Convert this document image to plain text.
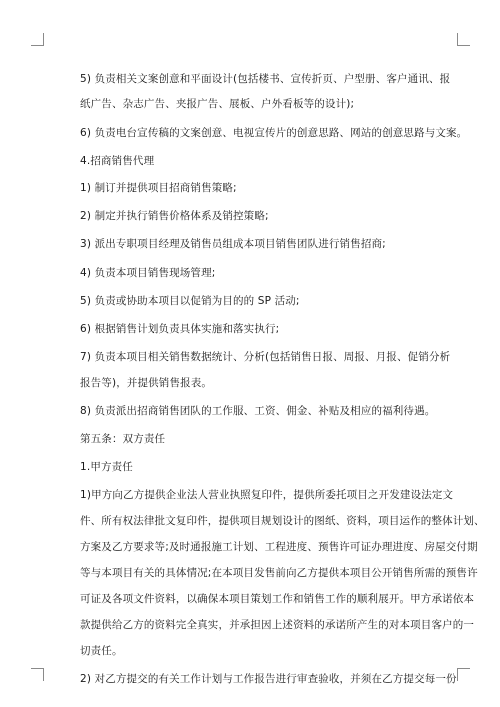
5) 负责相关文案创意和平面设计(包括楼书、宣传折页、户型册、客户通讯、报
纸广告、杂志广告、夹报广告、展板、户外看板等的设计);
6) 负责电台宣传稿的文案创意、电视宣传片的创意思路、网站的创意思路与文案。
4.招商销售代理
1) 制订并提供项目招商销售策略;
2) 制定并执行销售价格体系及销控策略;
3) 派出专职项目经理及销售员组成本项目销售团队进行销售招商;
4) 负责本项目销售现场管理;
5) 负责或协助本项目以促销为目的的 SP 活动;
6) 根据销售计划负责具体实施和落实执行;
7) 负责本项目相关销售数据统计、分析(包括销售日报、周报、月报、促销分析
报告等)，并提供销售报表。
8) 负责派出招商销售团队的工作服、工资、佣金、补贴及相应的福利待遇。
第五条：双方责任
1.甲方责任
1)甲方向乙方提供企业法人营业执照复印件，提供所委托项目之开发建设法定文
件、所有权法律批文复印件，提供项目规划设计的图纸、资料，项目运作的整体计划、
方案及乙方要求等;及时通报施工计划、工程进度、预售许可证办理进度、房屋交付期
等与本项目有关的具体情况;在本项目发售前向乙方提供本项目公开销售所需的预售许
可证及各项文件资料，以确保本项目策划工作和销售工作的顺利展开。甲方承诺依本
款提供给乙方的资料完全真实，并承担因上述资料的承诺所产生的对本项目客户的一
切责任。
2) 对乙方提交的有关工作计划与工作报告进行审查验收，并须在乙方提交每一份
